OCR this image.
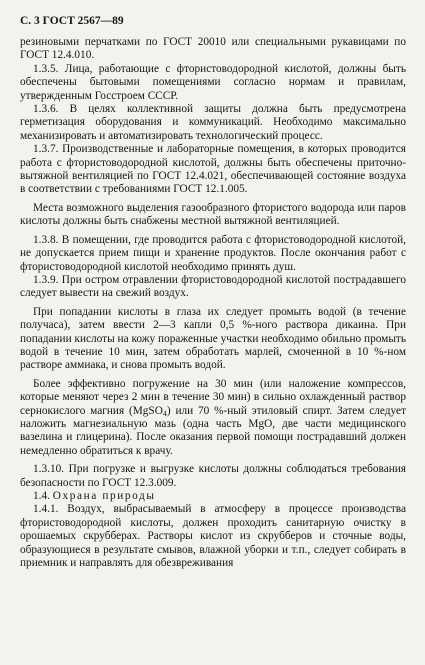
С. 3 ГОСТ 2567—89

резиновыми перчатками по ГОСТ 20010 или специальными рукавицами по ГОСТ 12.4.010.

1.3.5. Лица, работающие с фтористоводородной кислотой, должны быть обеспечены бытовыми помещениями согласно нормам и правилам, утвержденным Госстроем СССР.

1.3.6. В целях коллективной защиты должна быть предусмотрена герметизация оборудования и коммуникаций. Необходимо максимально механизировать и автоматизировать технологический процесс.

1.3.7. Производственные и лабораторные помещения, в которых проводится работа с фтористоводородной кислотой, должны быть обеспечены приточно-вытяжной вентиляцией по ГОСТ 12.4.021, обеспечивающей состояние воздуха в соответствии с требованиями ГОСТ 12.1.005.

Места возможного выделения газообразного фтористого водорода или паров кислоты должны быть снабжены местной вытяжной вентиляцией.

1.3.8. В помещении, где проводится работа с фтористоводородной кислотой, не допускается прием пищи и хранение продуктов. После окончания работ с фтористоводородной кислотой необходимо принять душ.

1.3.9. При остром отравлении фтористоводородной кислотой пострадавшего следует вывести на свежий воздух.

При попадании кислоты в глаза их следует промыть водой (в течение получаса), затем ввести 2—3 капли 0,5 %-ного раствора дикаина. При попадании кислоты на кожу пораженные участки необходимо обильно промыть водой в течение 10 мин, затем обработать марлей, смоченной в 10 %-ном растворе аммиака, и снова промыть водой.

Более эффективно погружение на 30 мин (или наложение компрессов, которые меняют через 2 мин в течение 30 мин) в сильно охлажденный раствор сернокислого магния (MgSO$_4$) или 70 %-ный этиловый спирт. Затем следует наложить магнезиальную мазь (одна часть MgO, две части медицинского вазелина и глицерина). После оказания первой помощи пострадавший должен немедленно обратиться к врачу.

1.3.10. При погрузке и выгрузке кислоты должны соблюдаться требования безопасности по ГОСТ 12.3.009.

1.4. Охрана природы

1.4.1. Воздух, выбрасываемый в атмосферу в процессе производства фтористоводородной кислоты, должен проходить санитарную очистку в орошаемых скрубберах. Растворы кислот из скрубберов и сточные воды, образующиеся в результате смывов, влажной уборки и т.п., следует собирать в приемник и направлять для обезвреживания
